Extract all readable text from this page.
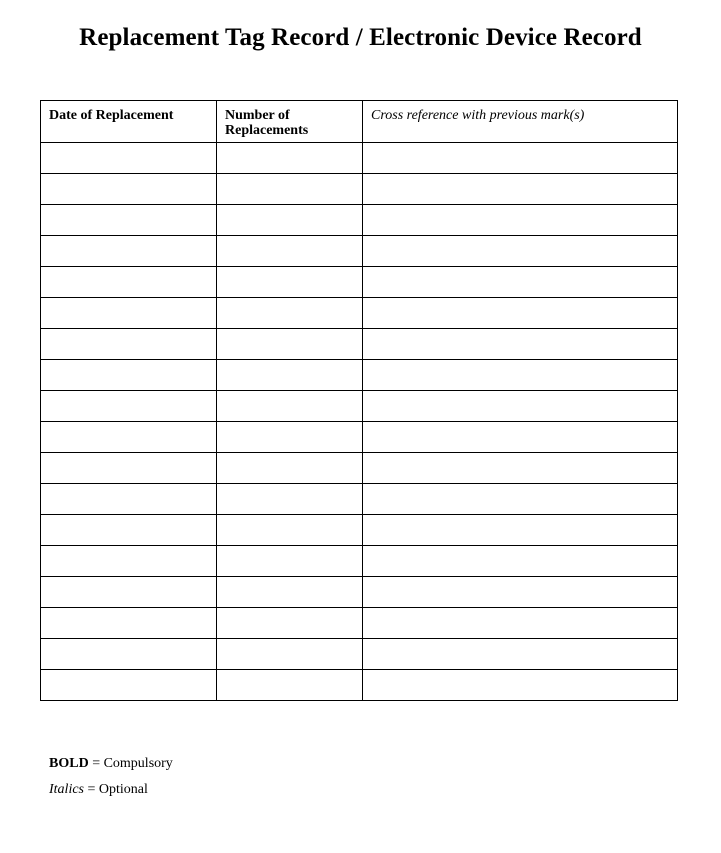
Replacement Tag Record / Electronic Device Record
Date of Replacement	Number of Replacements	Cross reference with previous mark(s)

BOLD = Compulsory

Italics = Optional
